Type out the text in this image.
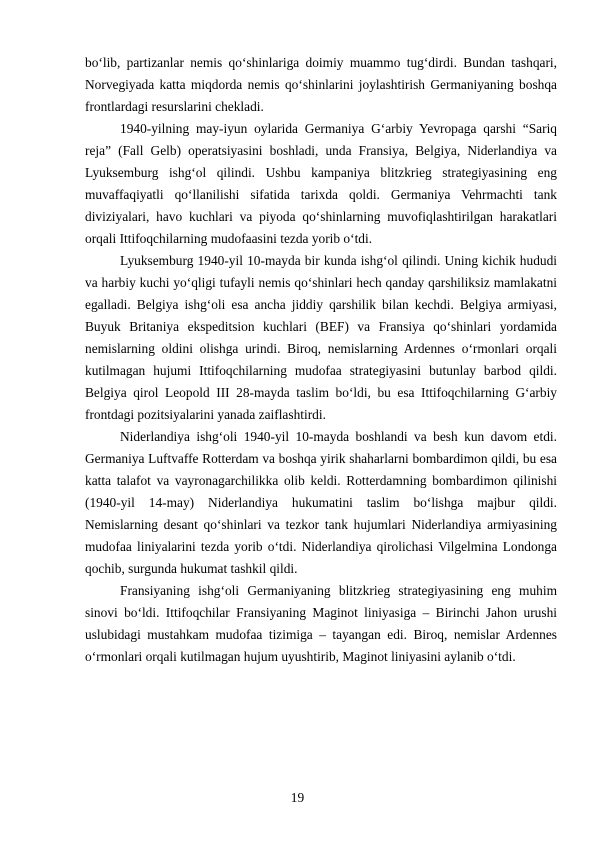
bo‘lib, partizanlar nemis qo‘shinlariga doimiy muammo tug‘dirdi. Bundan tashqari, Norvegiyada katta miqdorda nemis qo‘shinlarini joylashtirish Germaniyaning boshqa frontlardagi resurslarini chekladi.

1940-yilning may-iyun oylarida Germaniya G‘arbiy Yevropaga qarshi “Sariq reja” (Fall Gelb) operatsiyasini boshladi, unda Fransiya, Belgiya, Niderlandiya va Lyuksemburg ishg‘ol qilindi. Ushbu kampaniya blitzkrieg strategiyasining eng muvaffaqiyatli qo‘llanilishi sifatida tarixda qoldi. Germaniya Vehrmachti tank diviziyalari, havo kuchlari va piyoda qo‘shinlarning muvofiqlashtirilgan harakatlari orqali Ittifoqchilarning mudofaasini tezda yorib o‘tdi.

Lyuksemburg 1940-yil 10-mayda bir kunda ishg‘ol qilindi. Uning kichik hududi va harbiy kuchi yo‘qligi tufayli nemis qo‘shinlari hech qanday qarshiliksiz mamlakatni egalladi. Belgiya ishg‘oli esa ancha jiddiy qarshilik bilan kechdi. Belgiya armiyasi, Buyuk Britaniya ekspeditsion kuchlari (BEF) va Fransiya qo‘shinlari yordamida nemislarning oldini olishga urindi. Biroq, nemislarning Ardennes o‘rmonlari orqali kutilmagan hujumi Ittifoqchilarning mudofaa strategiyasini butunlay barbod qildi. Belgiya qirol Leopold III 28-mayda taslim bo‘ldi, bu esa Ittifoqchilarning G‘arbiy frontdagi pozitsiyalarini yanada zaiflashtirdi.

Niderlandiya ishg‘oli 1940-yil 10-mayda boshlandi va besh kun davom etdi. Germaniya Luftvaffe Rotterdam va boshqa yirik shaharlarni bombardimon qildi, bu esa katta talafot va vayronagarchilikka olib keldi. Rotterdamning bombardimon qilinishi (1940-yil 14-may) Niderlandiya hukumatini taslim bo‘lishga majbur qildi. Nemislarning desant qo‘shinlari va tezkor tank hujumlari Niderlandiya armiyasining mudofaa liniyalarini tezda yorib o‘tdi. Niderlandiya qirolichasi Vilgelmina Londonga qochib, surgunda hukumat tashkil qildi.

Fransiyaning ishg‘oli Germaniyaning blitzkrieg strategiyasining eng muhim sinovi bo‘ldi. Ittifoqchilar Fransiyaning Maginot liniyasiga – Birinchi Jahon urushi uslubidagi mustahkam mudofaa tizimiga – tayangan edi. Biroq, nemislar Ardennes o‘rmonlari orqali kutilmagan hujum uyushtirib, Maginot liniyasini aylanib o‘tdi.

19
